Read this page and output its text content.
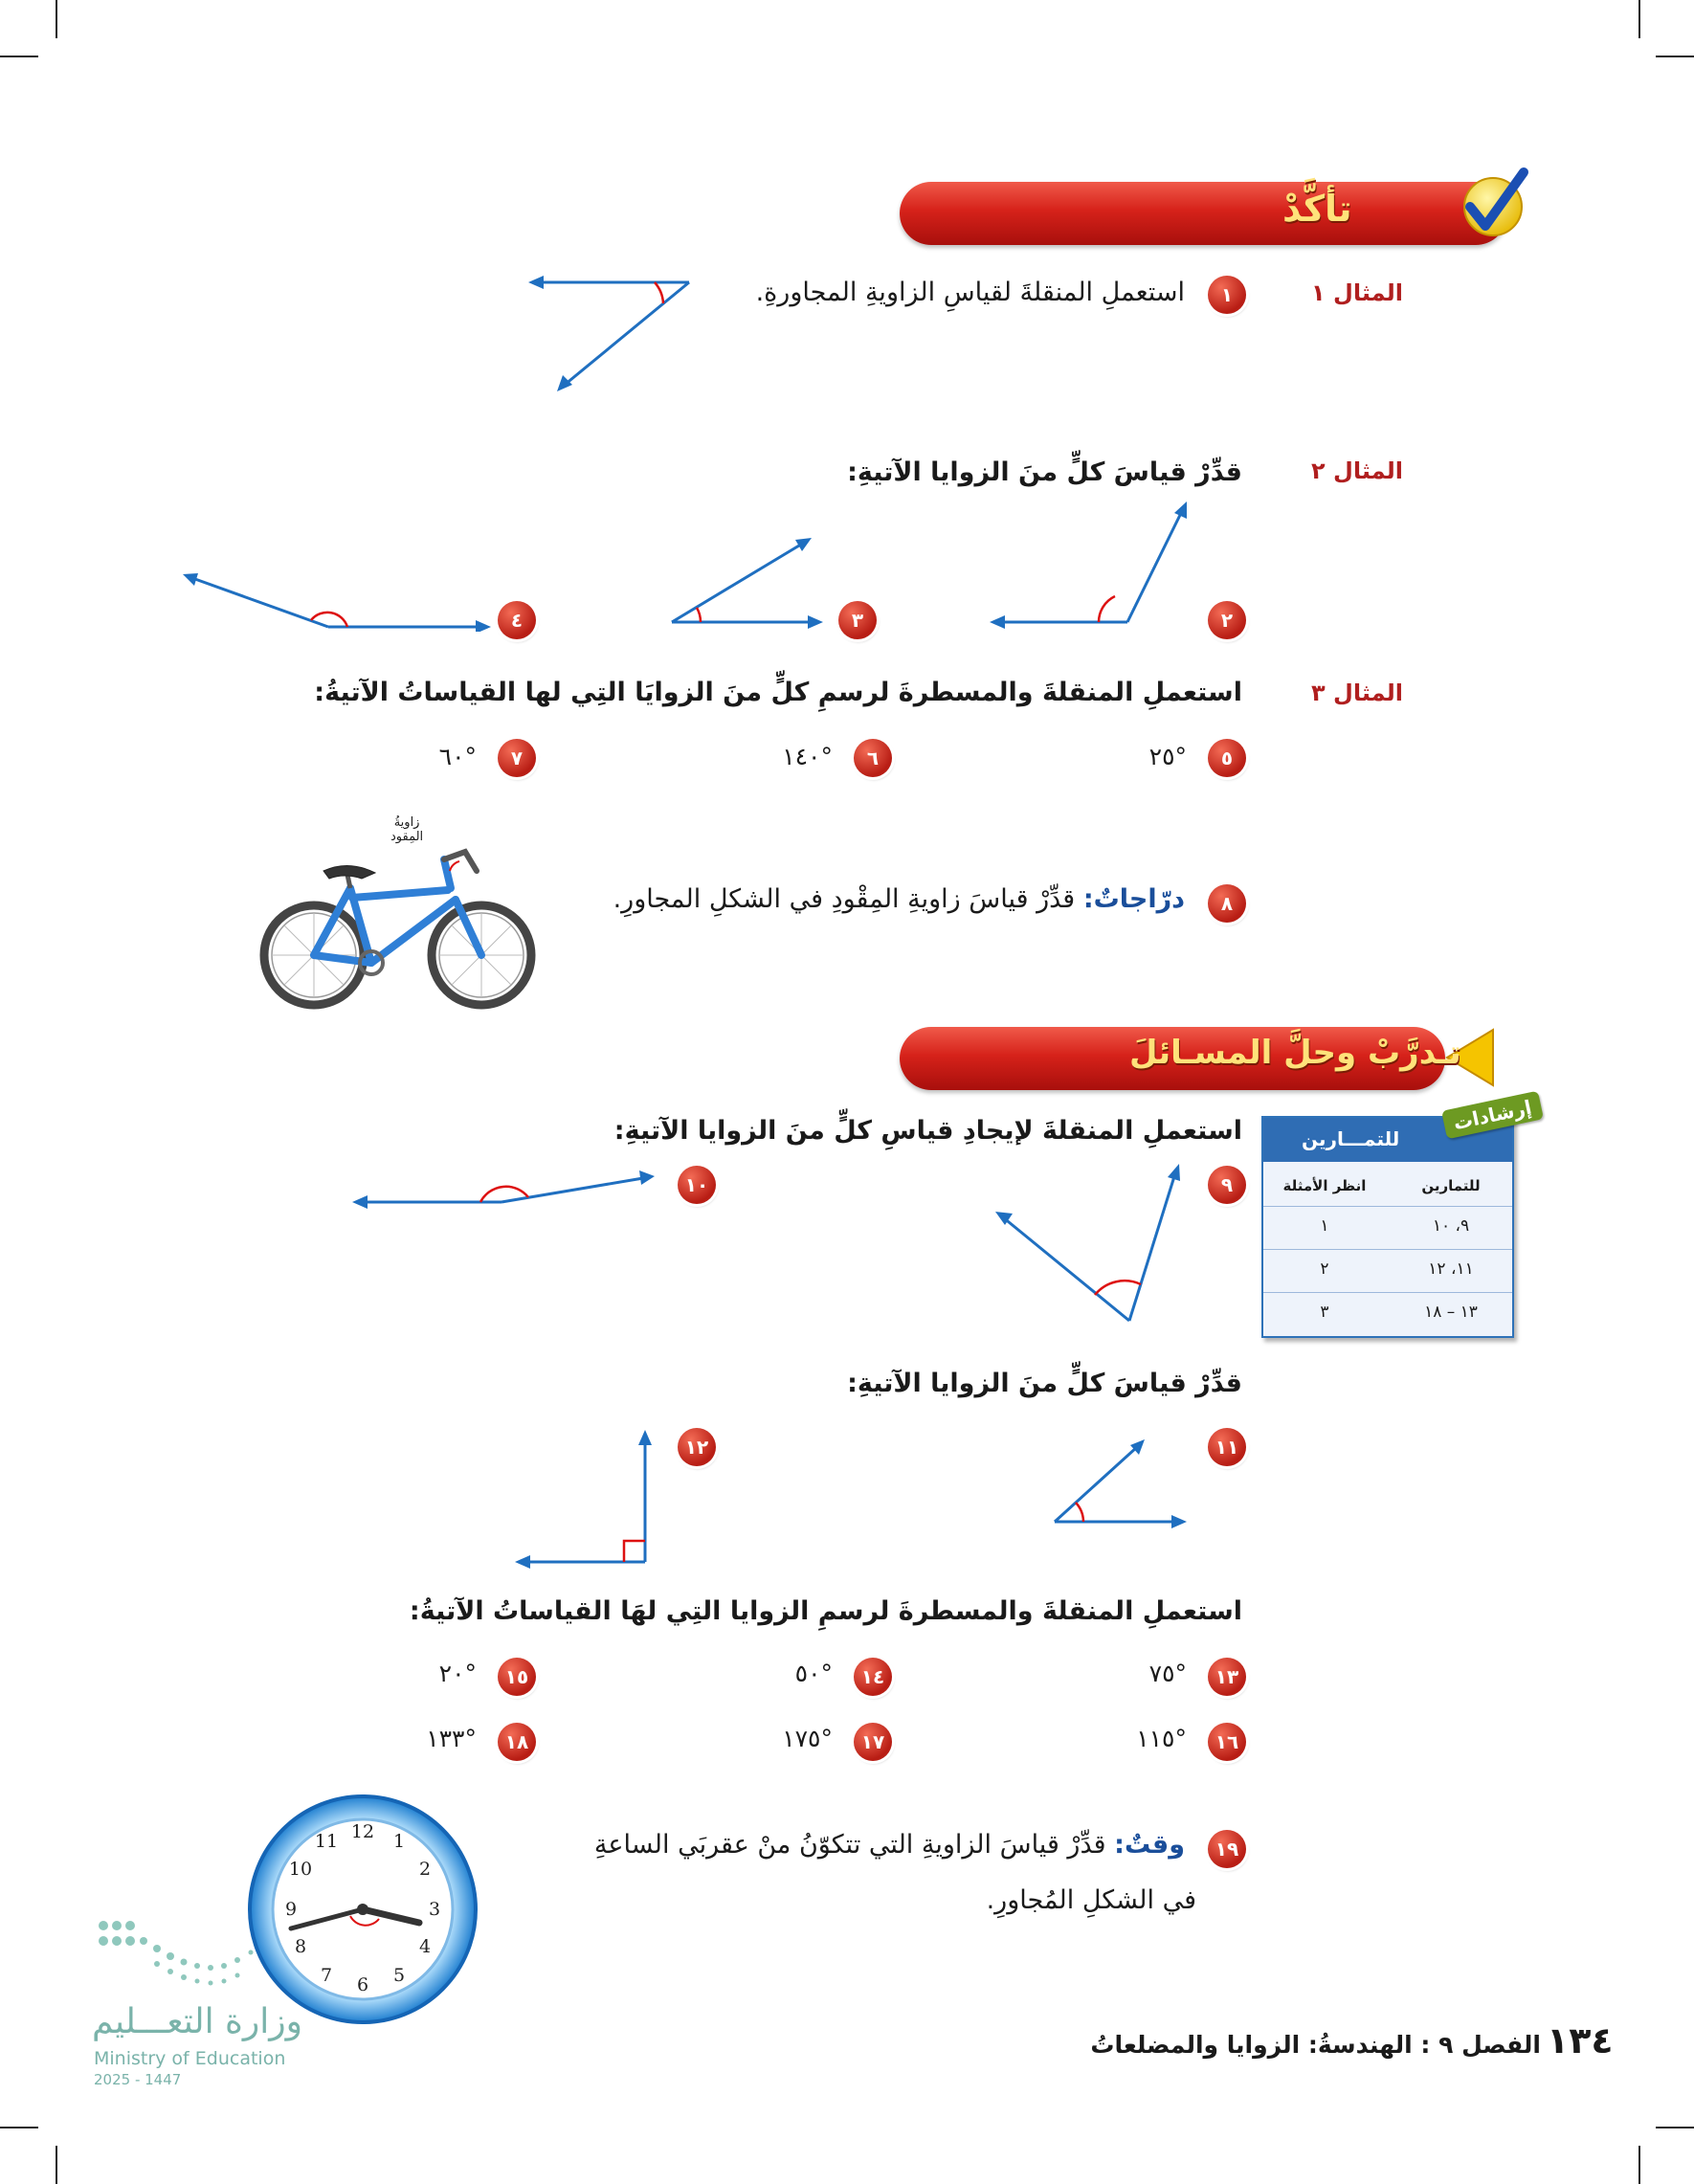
تأكَّدْ
المثال ١
المثال ٢
المثال ٣
١
استعملِ المنقلةَ لقياسِ الزاويةِ المجاورةِ.
قدِّرْ قياسَ كلٍّ منَ الزوايا الآتيةِ:
٢
٣
٤
استعملِ المنقلةَ والمسطرةَ لرسمِ كلٍّ منَ الزوايَا التِي لها القياساتُ الآتيةُ:
٥
°٢٥
٦
°١٤٠
٧
°٦٠
٨
درّاجاتٌ: قدِّرْ قياسَ زاويةِ المِقْودِ في الشكلِ المجاورِ.
زاويةُ
المِقود
تـدرَّبْ وحلَّ المسـائلَ
للتمـــارين
للتمارين
انظر الأمثلة
٩، ١٠
١
١١، ١٢
٢
١٣ – ١٨
٣
إرشادات
استعملِ المنقلةَ لإيجادِ قياسِ كلٍّ منَ الزوايا الآتيةِ:
٩
١٠
قدِّرْ قياسَ كلٍّ منَ الزوايا الآتيةِ:
١١
١٢
استعملِ المنقلةَ والمسطرةَ لرسمِ الزوايا التِي لهَا القياساتُ الآتيةُ:
١٣
°٧٥
١٤
°٥٠
١٥
°٢٠
١٦
°١١٥
١٧
°١٧٥
١٨
°١٣٣
١٩
وقتٌ: قدِّرْ قياسَ الزاويةِ التي تتكوّنُ منْ عقربَي الساعةِ
في الشكلِ المُجاورِ.
12 1
2
3
4
5
6
7
8
9
10
11
وزارة التعـــليم
Ministry of Education
2025 - 1447
الفصل ٩ : الهندسةُ: الزوايا والمضلعاتُ ١٣٤
